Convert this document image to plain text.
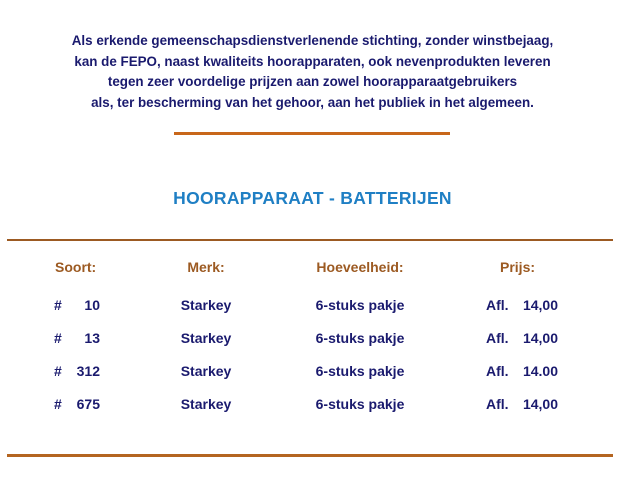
Als erkende gemeenschapsdienstverlenende stichting, zonder winstbejaag,
kan de FEPO, naast kwaliteits hoorapparaten, ook nevenprodukten leveren
tegen zeer voordelige prijzen aan zowel hoorapparaatgebruikers
als, ter bescherming van het gehoor, aan het publiek in het algemeen.
HOORAPPARAAT - BATTERIJEN
Soort:	Merk:	Hoeveelheid:	Prijs:
#	10	Starkey	6-stuks pakje	Afl.	14,00
#	13	Starkey	6-stuks pakje	Afl.	14,00
#	312	Starkey	6-stuks pakje	Afl.	14.00
#	675	Starkey	6-stuks pakje	Afl.	14,00
